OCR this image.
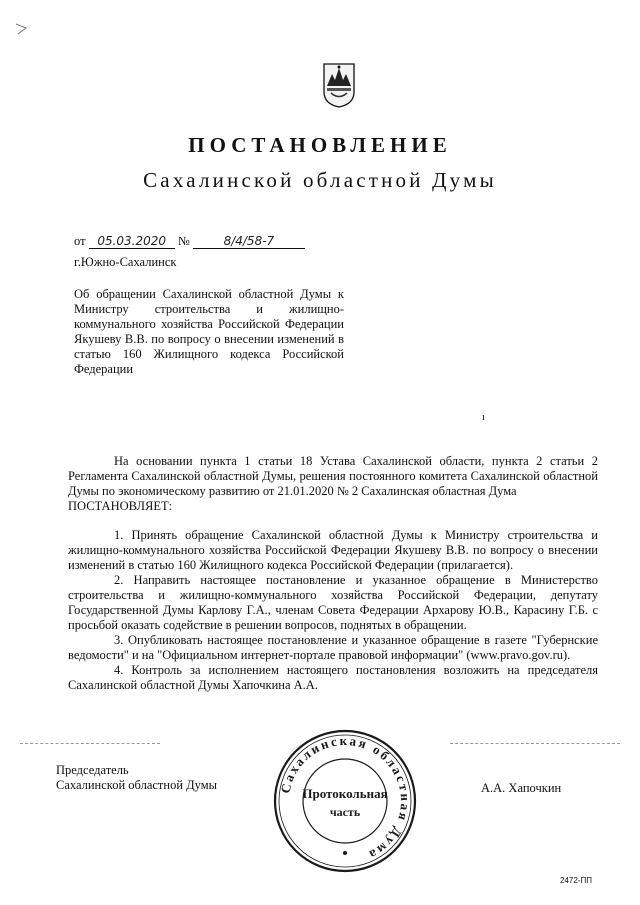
ПОСТАНОВЛЕНИЕ
Сахалинской областной Думы
от 05.03.2020 №	8/4/58-7
г.Южно-Сахалинск
Об обращении Сахалинской областной Думы к Министру строительства и жилищно-коммунального хозяйства Российской Федерации Якушеву В.В. по вопросу о внесении изменений в статью 160 Жилищного кодекса Российской Федерации
ı

На основании пункта 1 статьи 18 Устава Сахалинской области, пункта 2 статьи 2 Регламента Сахалинской областной Думы, решения постоянного комитета Сахалинской областной Думы по экономическому развитию от 21.01.2020 № 2 Сахалинская областная Дума

ПОСТАНОВЛЯЕТ:

1. Принять обращение Сахалинской областной Думы к Министру строительства и жилищно-коммунального хозяйства Российской Федерации Якушеву В.В. по вопросу о внесении изменений в статью 160 Жилищного кодекса Российской Федерации (прилагается).

2. Направить настоящее постановление и указанное обращение в Министерство строительства и жилищно-коммунального хозяйства Российской Федерации, депутату Государственной Думы Карлову Г.А., членам Совета Федерации Архарову Ю.В., Карасину Г.Б. с просьбой оказать содействие в решении вопросов, поднятых в обращении.

3. Опубликовать настоящее постановление и указанное обращение в газете "Губернские ведомости" и на "Официальном интернет-портале правовой информации" (www.pravo.gov.ru).

4. Контроль за исполнением настоящего постановления возложить на председателя Сахалинской областной Думы Хапочкина А.А.

Председатель
Сахалинской областной Думы	А.А. Хапочкин
Сахалинская областная Дума
Протокольная
часть
2472-ПП
